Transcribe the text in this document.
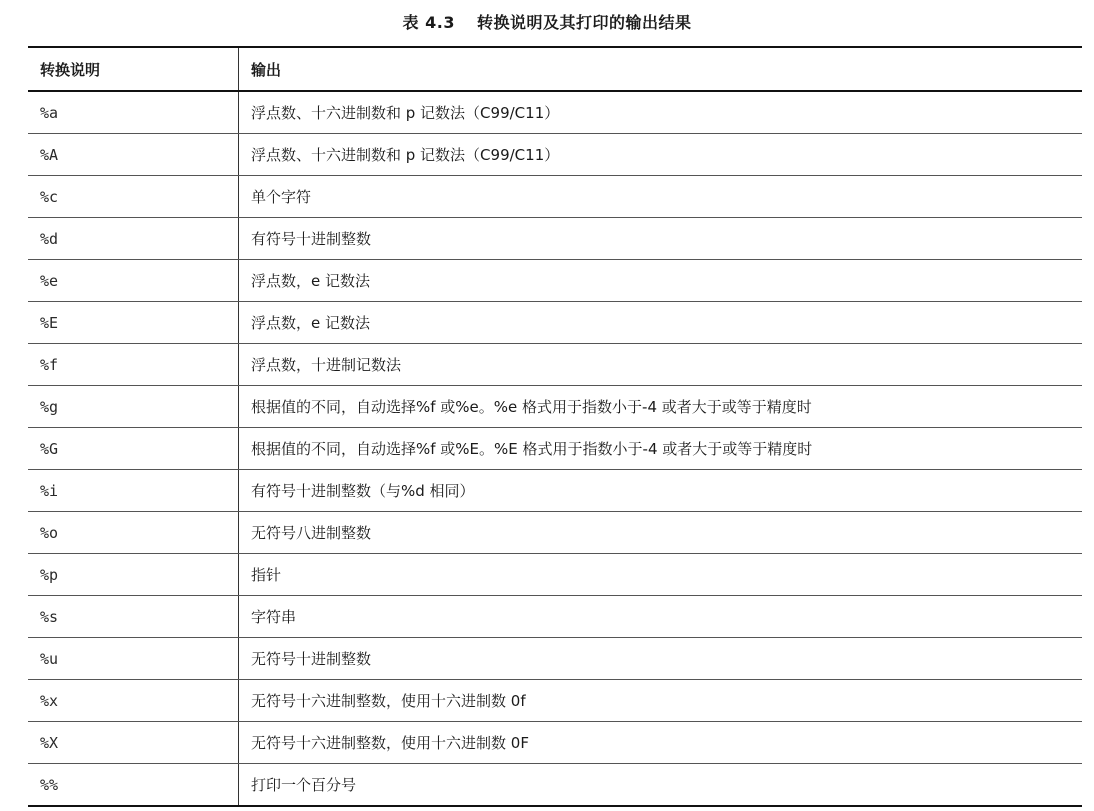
表 4.3 转换说明及其打印的输出结果
转换说明	输出
%a	浮点数、十六进制数和 p 记数法（C99/C11）
%A	浮点数、十六进制数和 p 记数法（C99/C11）
%c	单个字符
%d	有符号十进制整数
%e	浮点数，e 记数法
%E	浮点数，e 记数法
%f	浮点数，十进制记数法
%g	根据值的不同，自动选择%f 或%e。%e 格式用于指数小于-4 或者大于或等于精度时
%G	根据值的不同，自动选择%f 或%E。%E 格式用于指数小于-4 或者大于或等于精度时
%i	有符号十进制整数（与%d 相同）
%o	无符号八进制整数
%p	指针
%s	字符串
%u	无符号十进制整数
%x	无符号十六进制整数，使用十六进制数 0f
%X	无符号十六进制整数，使用十六进制数 0F
%%	打印一个百分号
